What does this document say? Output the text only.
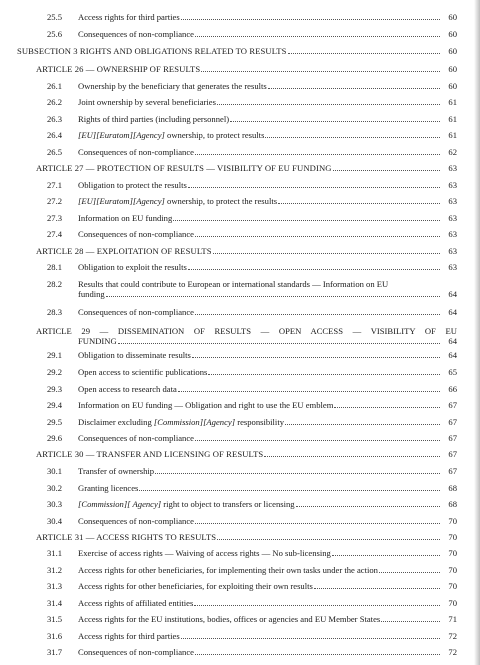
25.5	Access rights for third parties	60
25.6	Consequences of non-compliance	60
SUBSECTION 3 RIGHTS AND OBLIGATIONS RELATED TO RESULTS	60
ARTICLE 26 — OWNERSHIP OF RESULTS	60
26.1	Ownership by the beneficiary that generates the results	60
26.2	Joint ownership by several beneficiaries	61
26.3	Rights of third parties (including personnel)	61
26.4	[EU][Euratom][Agency] ownership, to protect results	61
26.5	Consequences of non-compliance	62
ARTICLE 27 — PROTECTION OF RESULTS — VISIBILITY OF EU FUNDING	63
27.1	Obligation to protect the results	63
27.2	[EU][Euratom][Agency] ownership, to protect the results	63
27.3	Information on EU funding	63
27.4	Consequences of non-compliance	63
ARTICLE 28 — EXPLOITATION OF RESULTS	63
28.1	Obligation to exploit the results	63
28.2 Results that could contribute to European or international standards — Information on EU
funding	64
28.3	Consequences of non-compliance	64
ARTICLE 29 — DISSEMINATION OF RESULTS — OPEN ACCESS — VISIBILITY OF EU
FUNDING	64
29.1	Obligation to disseminate results	64
29.2	Open access to scientific publications	65
29.3	Open access to research data	66
29.4	Information on EU funding — Obligation and right to use the EU emblem	67
29.5	Disclaimer excluding [Commission][Agency] responsibility	67
29.6	Consequences of non-compliance	67
ARTICLE 30 — TRANSFER AND LICENSING OF RESULTS	67
30.1	Transfer of ownership	67
30.2	Granting licences	68
30.3	[Commission][ Agency] right to object to transfers or licensing	68
30.4	Consequences of non-compliance	70
ARTICLE 31 — ACCESS RIGHTS TO RESULTS	70
31.1	Exercise of access rights — Waiving of access rights — No sub-licensing	70
31.2	Access rights for other beneficiaries, for implementing their own tasks under the action	70
31.3	Access rights for other beneficiaries, for exploiting their own results	70
31.4	Access rights of affiliated entities	70
31.5	Access rights for the EU institutions, bodies, offices or agencies and EU Member States	71
31.6	Access rights for third parties	72
31.7	Consequences of non-compliance	72
